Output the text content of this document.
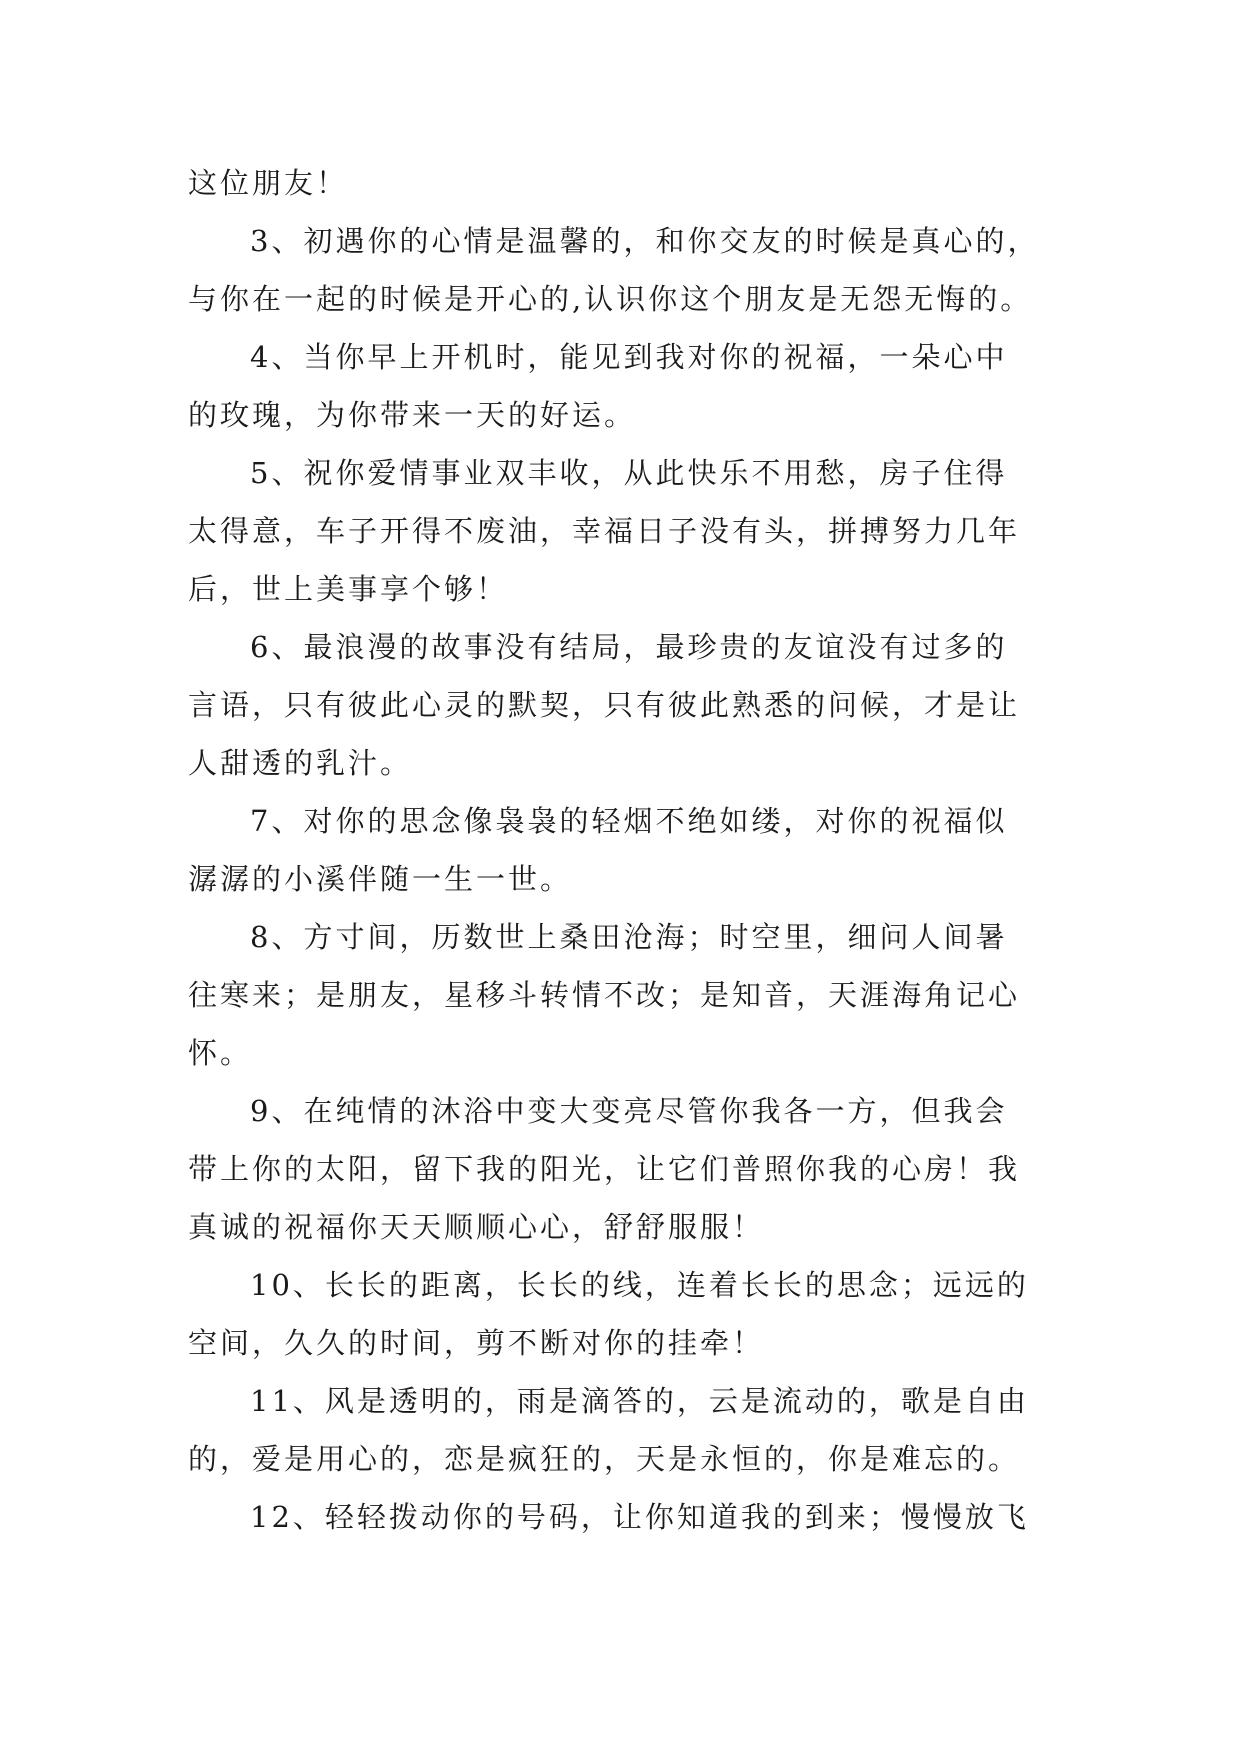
这位朋友！
3、初遇你的心情是温馨的，和你交友的时候是真心的，
与你在一起的时候是开心的,认识你这个朋友是无怨无悔的。
4、当你早上开机时，能见到我对你的祝福，一朵心中
的玫瑰，为你带来一天的好运。
5、祝你爱情事业双丰收，从此快乐不用愁，房子住得
太得意，车子开得不废油，幸福日子没有头，拼搏努力几年
后，世上美事享个够！
6、最浪漫的故事没有结局，最珍贵的友谊没有过多的
言语，只有彼此心灵的默契，只有彼此熟悉的问候，才是让
人甜透的乳汁。
7、对你的思念像袅袅的轻烟不绝如缕，对你的祝福似
潺潺的小溪伴随一生一世。
8、方寸间，历数世上桑田沧海；时空里，细问人间暑
往寒来；是朋友，星移斗转情不改；是知音，天涯海角记心
怀。
9、在纯情的沐浴中变大变亮尽管你我各一方，但我会
带上你的太阳，留下我的阳光，让它们普照你我的心房！我
真诚的祝福你天天顺顺心心，舒舒服服！
10、长长的距离，长长的线，连着长长的思念；远远的
空间，久久的时间，剪不断对你的挂牵！
11、风是透明的，雨是滴答的，云是流动的，歌是自由
的，爱是用心的，恋是疯狂的，天是永恒的，你是难忘的。
12、轻轻拨动你的号码，让你知道我的到来；慢慢放飞
